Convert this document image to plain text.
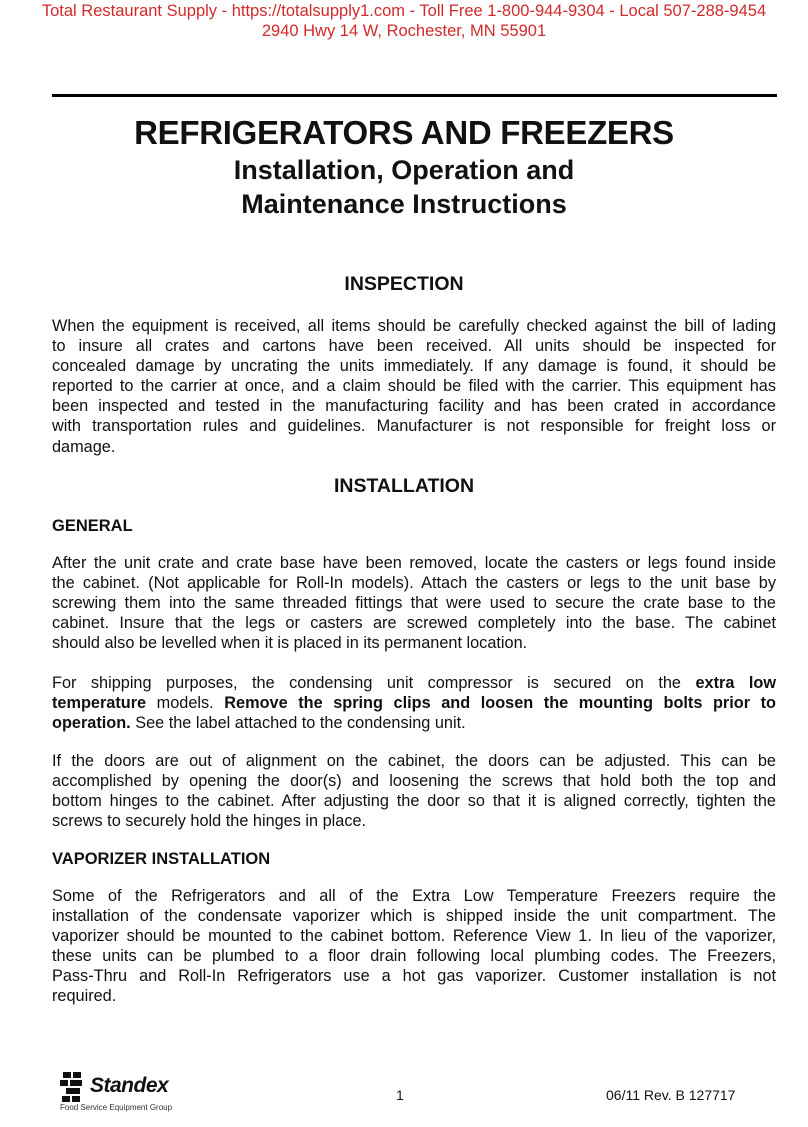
Total Restaurant Supply - https://totalsupply1.com - Toll Free 1-800-944-9304 - Local 507-288-9454
2940 Hwy 14 W, Rochester, MN 55901
REFRIGERATORS AND FREEZERS
Installation, Operation and
Maintenance Instructions
INSPECTION
When the equipment is received, all items should be carefully checked against the bill of lading
to insure all crates and cartons have been received. All units should be inspected for
concealed damage by uncrating the units immediately. If any damage is found, it should be
reported to the carrier at once, and a claim should be filed with the carrier. This equipment has
been inspected and tested in the manufacturing facility and has been crated in accordance
with transportation rules and guidelines. Manufacturer is not responsible for freight loss or
damage.
INSTALLATION
GENERAL
After the unit crate and crate base have been removed, locate the casters or legs found inside
the cabinet. (Not applicable for Roll-In models). Attach the casters or legs to the unit base by
screwing them into the same threaded fittings that were used to secure the crate base to the
cabinet. Insure that the legs or casters are screwed completely into the base. The cabinet
should also be levelled when it is placed in its permanent location.
For shipping purposes, the condensing unit compressor is secured on the extra low
temperature models. Remove the spring clips and loosen the mounting bolts prior to
operation. See the label attached to the condensing unit.
If the doors are out of alignment on the cabinet, the doors can be adjusted. This can be
accomplished by opening the door(s) and loosening the screws that hold both the top and
bottom hinges to the cabinet. After adjusting the door so that it is aligned correctly, tighten the
screws to securely hold the hinges in place.
VAPORIZER INSTALLATION
Some of the Refrigerators and all of the Extra Low Temperature Freezers require the
installation of the condensate vaporizer which is shipped inside the unit compartment. The
vaporizer should be mounted to the cabinet bottom. Reference View 1. In lieu of the vaporizer,
these units can be plumbed to a floor drain following local plumbing codes. The Freezers,
Pass-Thru and Roll-In Refrigerators use a hot gas vaporizer. Customer installation is not
required.
Standex
Food Service Equipment Group
1	06/11 Rev. B 127717
